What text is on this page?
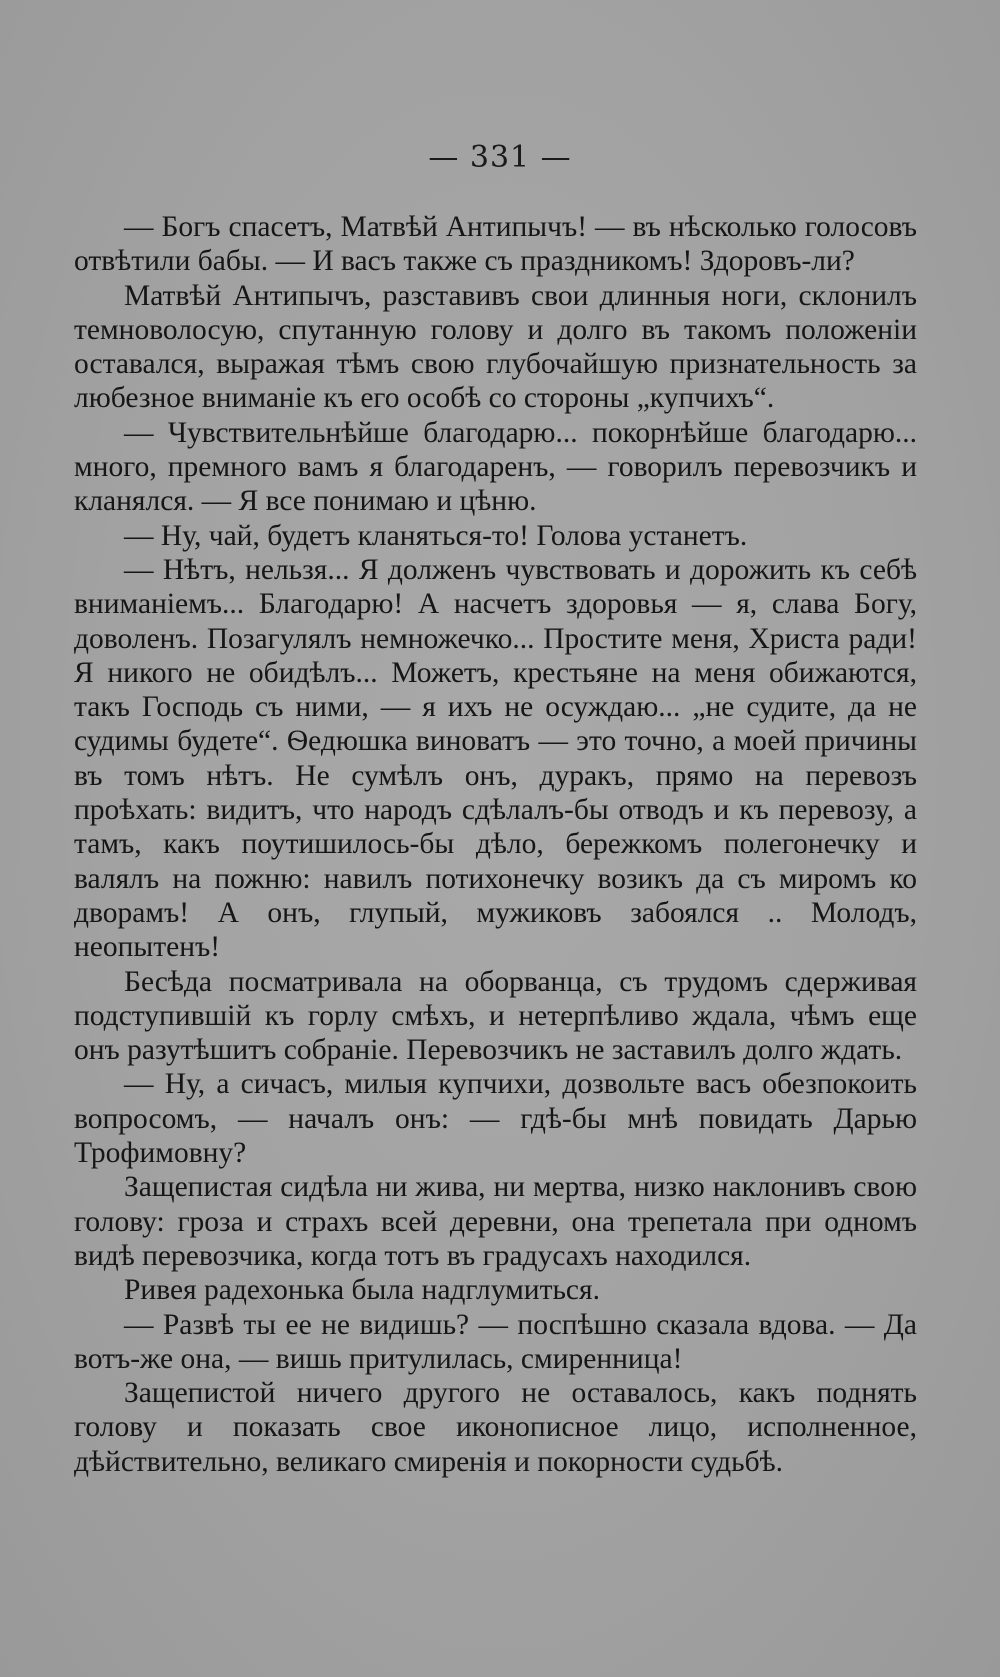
— 331 —

— Богъ спасетъ, Матвѣй Антипычъ! — въ нѣсколько голосовъ отвѣтили бабы. — И васъ также съ праздникомъ! Здоровъ-ли?

Матвѣй Антипычъ, разставивъ свои длинныя ноги, склонилъ темноволосую, спутанную голову и долго въ такомъ положеніи оставался, выражая тѣмъ свою глубочайшую признательность за любезное вниманіе къ его особѣ со стороны „купчихъ“.

— Чувствительнѣйше благодарю... покорнѣйше благодарю... много, премного вамъ я благодаренъ, — говорилъ перевозчикъ и кланялся. — Я все понимаю и цѣню.

— Ну, чай, будетъ кланяться-то! Голова устанетъ.

— Нѣтъ, нельзя... Я долженъ чувствовать и дорожить къ себѣ вниманіемъ... Благодарю! А насчетъ здоровья — я, слава Богу, доволенъ. Позагулялъ немножечко... Простите меня, Христа ради! Я никого не обидѣлъ... Можетъ, крестьяне на меня обижаются, такъ Господь съ ними, — я ихъ не осуждаю... „не судите, да не судимы будете“. Ѳедюшка виноватъ — это точно, а моей причины въ томъ нѣтъ. Не сумѣлъ онъ, дуракъ, прямо на перевозъ проѣхать: видитъ, что народъ сдѣлалъ-бы отводъ и къ перевозу, а тамъ, какъ поутишилось-бы дѣло, бережкомъ полегонечку и валялъ на пожню: навилъ потихонечку возикъ да съ миромъ ко дворамъ! А онъ, глупый, мужиковъ забоялся .. Молодъ, неопытенъ!

Бесѣда посматривала на оборванца, съ трудомъ сдерживая подступившій къ горлу смѣхъ, и нетерпѣливо ждала, чѣмъ еще онъ разутѣшитъ собраніе. Перевозчикъ не заставилъ долго ждать.

— Ну, а сичасъ, милыя купчихи, дозвольте васъ обезпокоить вопросомъ, — началъ онъ: — гдѣ-бы мнѣ повидать Дарью Трофимовну?

Защепистая сидѣла ни жива, ни мертва, низко наклонивъ свою голову: гроза и страхъ всей деревни, она трепетала при одномъ видѣ перевозчика, когда тотъ въ градусахъ находился.

Ривея радехонька была надглумиться.

— Развѣ ты ее не видишь? — поспѣшно сказала вдова. — Да вотъ-же она, — вишь притулилась, смиренница!

Защепистой ничего другого не оставалось, какъ поднять голову и показать свое иконописное лицо, исполненное, дѣйствительно, великаго смиренія и покорности судьбѣ.
